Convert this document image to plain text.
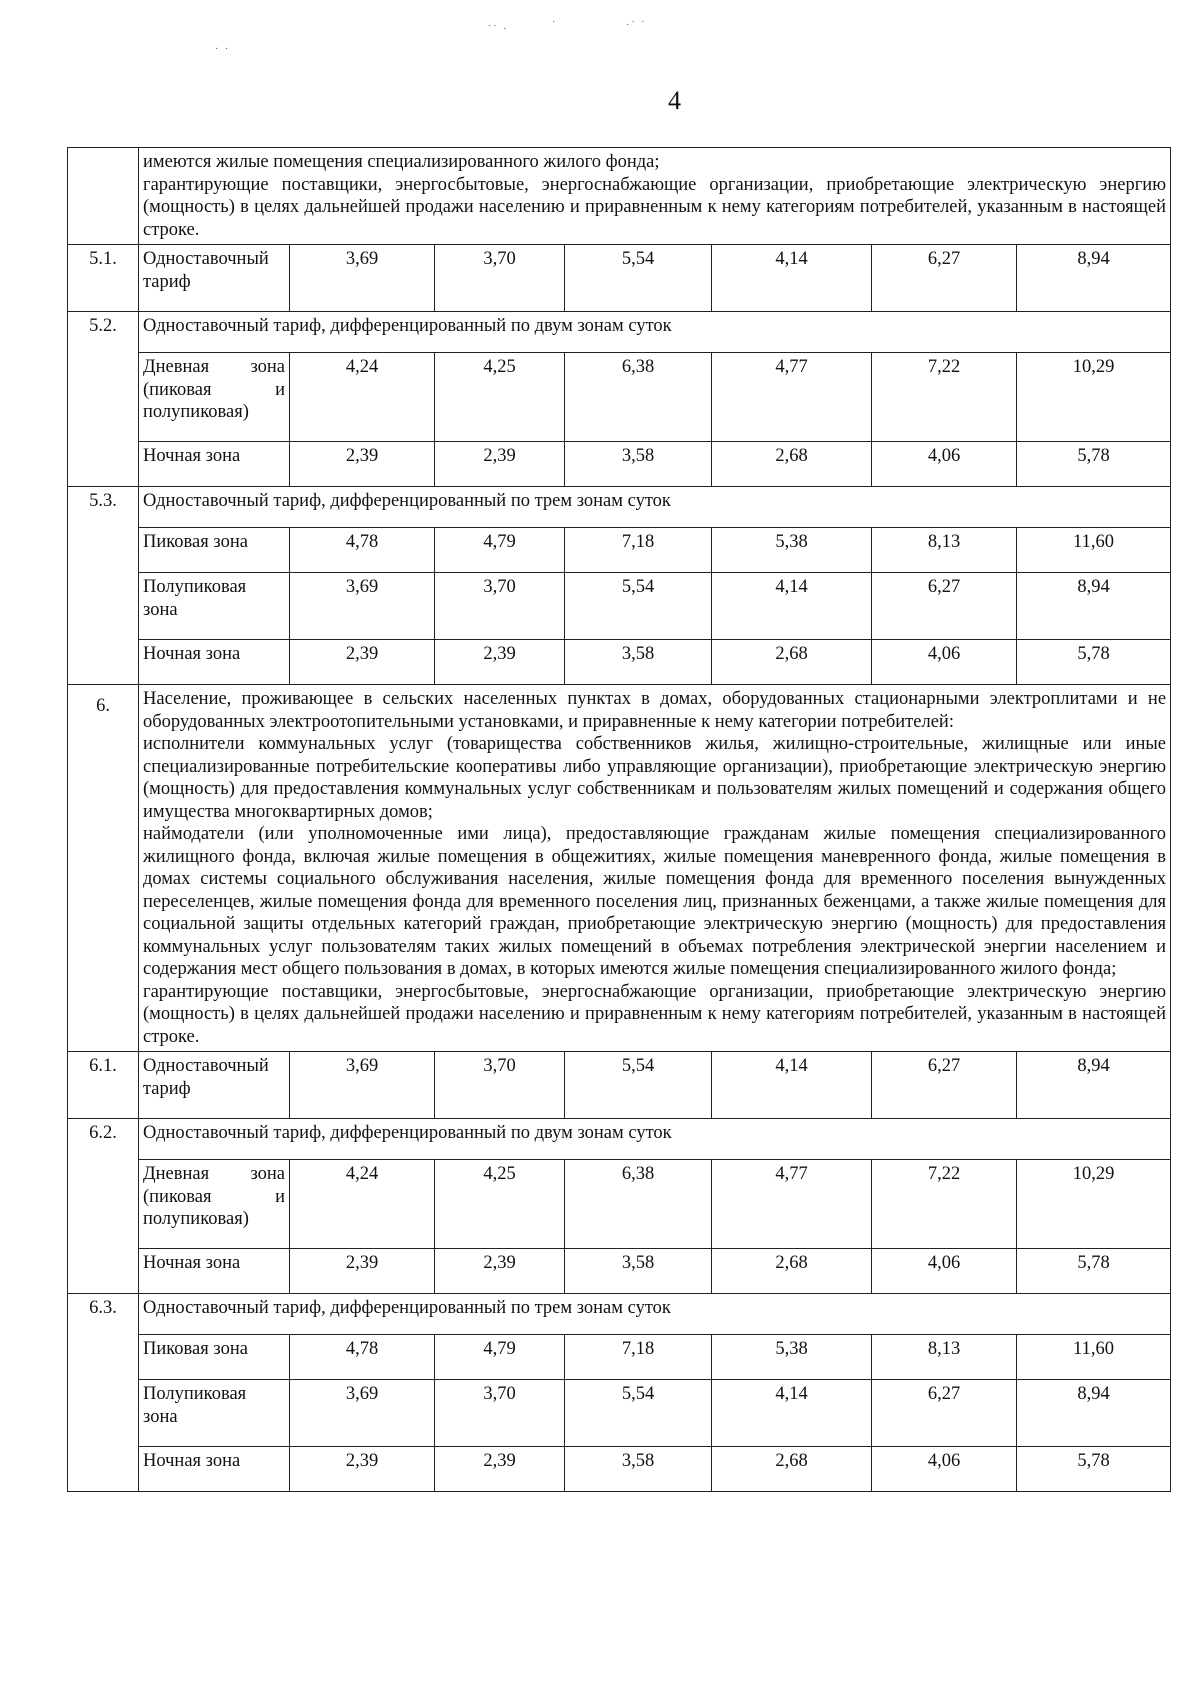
˙˙ ·	˙	·˙ ˙
· ·
4

	имеются жилые помещения специализированного жилого фонда;
гарантирующие поставщики, энергосбытовые, энергоснабжающие организации, приобретающие электрическую энергию (мощность) в целях дальнейшей продажи населению и приравненным к нему категориям потребителей, указанным в настоящей строке.						

5.1.	Одноставочный тариф	3,69	3,70	5,54	4,14	6,27	8,94
5.2.	Одноставочный тариф, дифференцированный по двум зонам суток						

	Дневная зона
(пиковая и
полупиковая)	4,24	4,25	6,38	4,77	7,22	10,29
	Ночная зона	2,39	2,39	3,58	2,68	4,06	5,78
5.3.	Одноставочный тариф, дифференцированный по трем зонам суток						
	Пиковая зона	4,78	4,79	7,18	5,38	8,13	11,60
	Полупиковая зона	3,69	3,70	5,54	4,14	6,27	8,94
	Ночная зона	2,39	2,39	3,58	2,68	4,06	5,78
6.	Население, проживающее в сельских населенных пунктах в домах, оборудованных стационарными электроплитами и не оборудованных электроотопительными установками, и приравненные к нему категории потребителей:
исполнители коммунальных услуг (товарищества собственников жилья, жилищно-строительные, жилищные или иные специализированные потребительские кооперативы либо управляющие организации), приобретающие электрическую энергию (мощность) для предоставления коммунальных услуг собственникам и пользователям жилых помещений и содержания общего имущества многоквартирных домов;
наймодатели (или уполномоченные ими лица), предоставляющие гражданам жилые помещения специализированного жилищного фонда, включая жилые помещения в общежитиях, жилые помещения маневренного фонда, жилые помещения в домах системы социального обслуживания населения, жилые помещения фонда для временного поселения вынужденных переселенцев, жилые помещения фонда для временного поселения лиц, признанных беженцами, а также жилые помещения для социальной защиты отдельных категорий граждан, приобретающие электрическую энергию (мощность) для предоставления коммунальных услуг пользователям таких жилых помещений в объемах потребления электрической энергии населением и содержания мест общего пользования в домах, в которых имеются жилые помещения специализированного жилого фонда;
гарантирующие поставщики, энергосбытовые, энергоснабжающие организации, приобретающие электрическую энергию (мощность) в целях дальнейшей продажи населению и приравненным к нему категориям потребителей, указанным в настоящей строке.						

6.1.	Одноставочный тариф	3,69	3,70	5,54	4,14	6,27	8,94
6.2.	Одноставочный тариф, дифференцированный по двум зонам суток						

	Дневная зона
(пиковая и
полупиковая)	4,24	4,25	6,38	4,77	7,22	10,29
	Ночная зона	2,39	2,39	3,58	2,68	4,06	5,78
6.3.	Одноставочный тариф, дифференцированный по трем зонам суток						
	Пиковая зона	4,78	4,79	7,18	5,38	8,13	11,60
	Полупиковая зона	3,69	3,70	5,54	4,14	6,27	8,94
	Ночная зона	2,39	2,39	3,58	2,68	4,06	5,78
